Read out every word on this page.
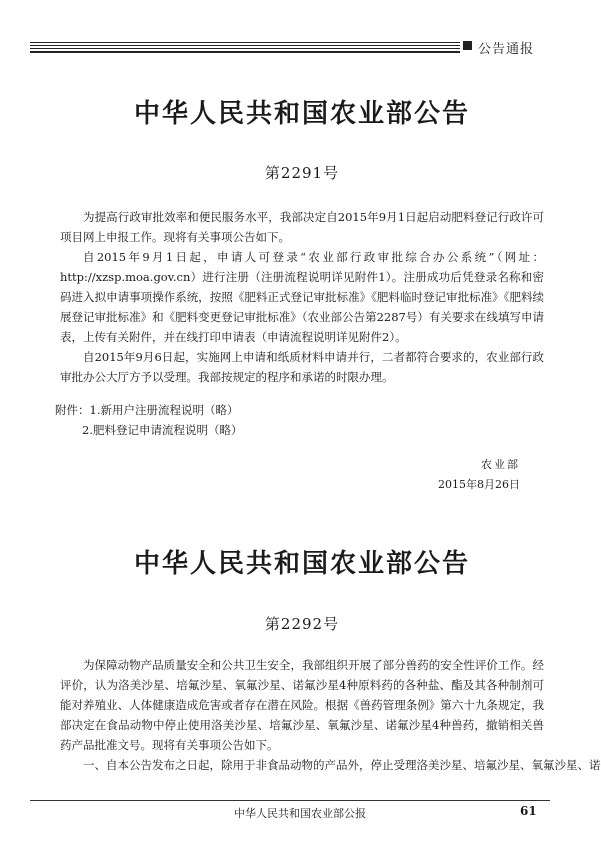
公告通报
中华人民共和国农业部公告
第2291号

为提高行政审批效率和便民服务水平，我部决定自2015年9月1日起启动肥料登记行政许可项目网上申报工作。现将有关事项公告如下。

自2015年9月1日起，申请人可登录“农业部行政审批综合办公系统”（网址：http://xzsp.moa.gov.cn）进行注册（注册流程说明详见附件1）。注册成功后凭登录名称和密码进入拟申请事项操作系统，按照《肥料正式登记审批标准》《肥料临时登记审批标准》《肥料续展登记审批标准》和《肥料变更登记审批标准》（农业部公告第2287号）有关要求在线填写申请表，上传有关附件，并在线打印申请表（申请流程说明详见附件2）。

自2015年9月6日起，实施网上申请和纸质材料申请并行，二者都符合要求的，农业部行政审批办公大厅方予以受理。我部按规定的程序和承诺的时限办理。

附件：1.新用户注册流程说明（略）
2.肥料登记申请流程说明（略）
农业部
2015年8月26日
中华人民共和国农业部公告
第2292号

为保障动物产品质量安全和公共卫生安全，我部组织开展了部分兽药的安全性评价工作。经评价，认为洛美沙星、培氟沙星、氧氟沙星、诺氟沙星4种原料药的各种盐、酯及其各种制剂可能对养殖业、人体健康造成危害或者存在潜在风险。根据《兽药管理条例》第六十九条规定，我部决定在食品动物中停止使用洛美沙星、培氟沙星、氧氟沙星、诺氟沙星4种兽药，撤销相关兽药产品批准文号。现将有关事项公告如下。

一、自本公告发布之日起，除用于非食品动物的产品外，停止受理洛美沙星、培氟沙星、氧氟沙星、诺

中华人民共和国农业部公报	61
